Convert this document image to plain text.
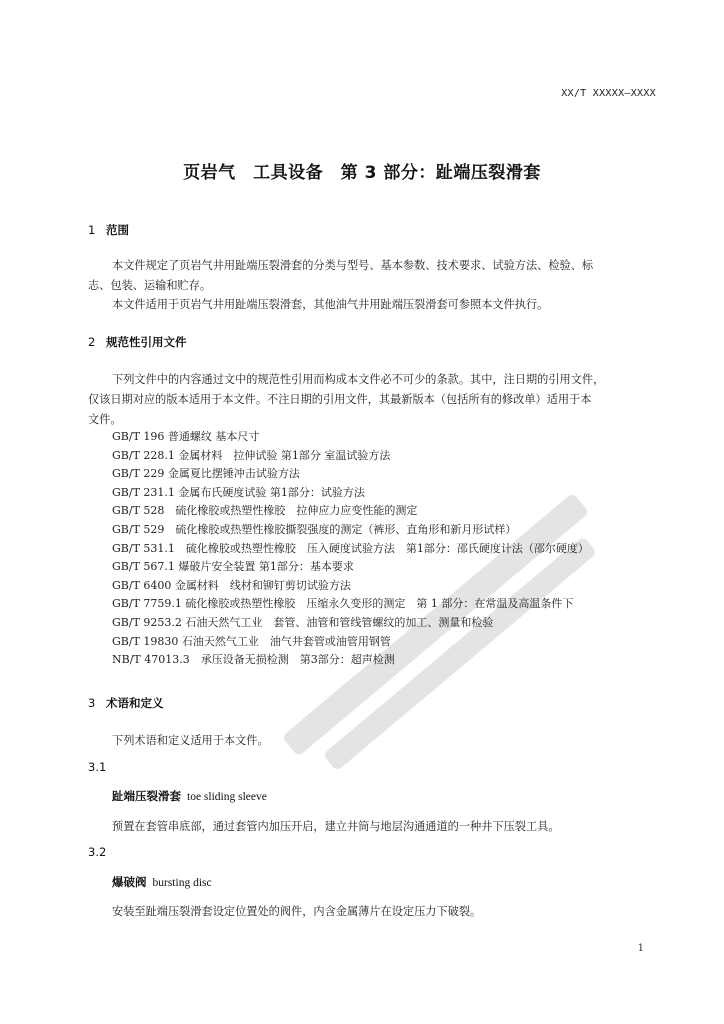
XX/T XXXXX—XXXX
页岩气　工具设备　第 3 部分：趾端压裂滑套
1 范围
本文件规定了页岩气井用趾端压裂滑套的分类与型号、基本参数、技术要求、试验方法、检验、标
志、包装、运输和贮存。
本文件适用于页岩气井用趾端压裂滑套，其他油气井用趾端压裂滑套可参照本文件执行。
2 规范性引用文件
下列文件中的内容通过文中的规范性引用而构成本文件必不可少的条款。其中，注日期的引用文件，
仅该日期对应的版本适用于本文件。不注日期的引用文件，其最新版本（包括所有的修改单）适用于本
文件。
GB/T 196 普通螺纹 基本尺寸
GB/T 228.1 金属材料　拉伸试验 第1部分 室温试验方法
GB/T 229 金属夏比摆锤冲击试验方法
GB/T 231.1 金属布氏硬度试验 第1部分：试验方法
GB/T 528　硫化橡胶或热塑性橡胶　拉伸应力应变性能的测定
GB/T 529　硫化橡胶或热塑性橡胶撕裂强度的测定（裤形、直角形和新月形试样）
GB/T 531.1　硫化橡胶或热塑性橡胶　压入硬度试验方法　第1部分：邵氏硬度计法（邵尔硬度）
GB/T 567.1 爆破片安全装置 第1部分：基本要求
GB/T 6400 金属材料　线材和铆钉剪切试验方法
GB/T 7759.1 硫化橡胶或热塑性橡胶　压缩永久变形的测定　第 1 部分：在常温及高温条件下
GB/T 9253.2 石油天然气工业　套管、油管和管线管螺纹的加工、测量和检验
GB/T 19830 石油天然气工业　油气井套管或油管用钢管
NB/T 47013.3　承压设备无损检测　第3部分：超声检测
3 术语和定义
下列术语和定义适用于本文件。
3.1
趾端压裂滑套 toe sliding sleeve
预置在套管串底部，通过套管内加压开启，建立井筒与地层沟通通道的一种井下压裂工具。
3.2
爆破阀 bursting disc
安装至趾端压裂滑套设定位置处的阀件，内含金属薄片在设定压力下破裂。
1
